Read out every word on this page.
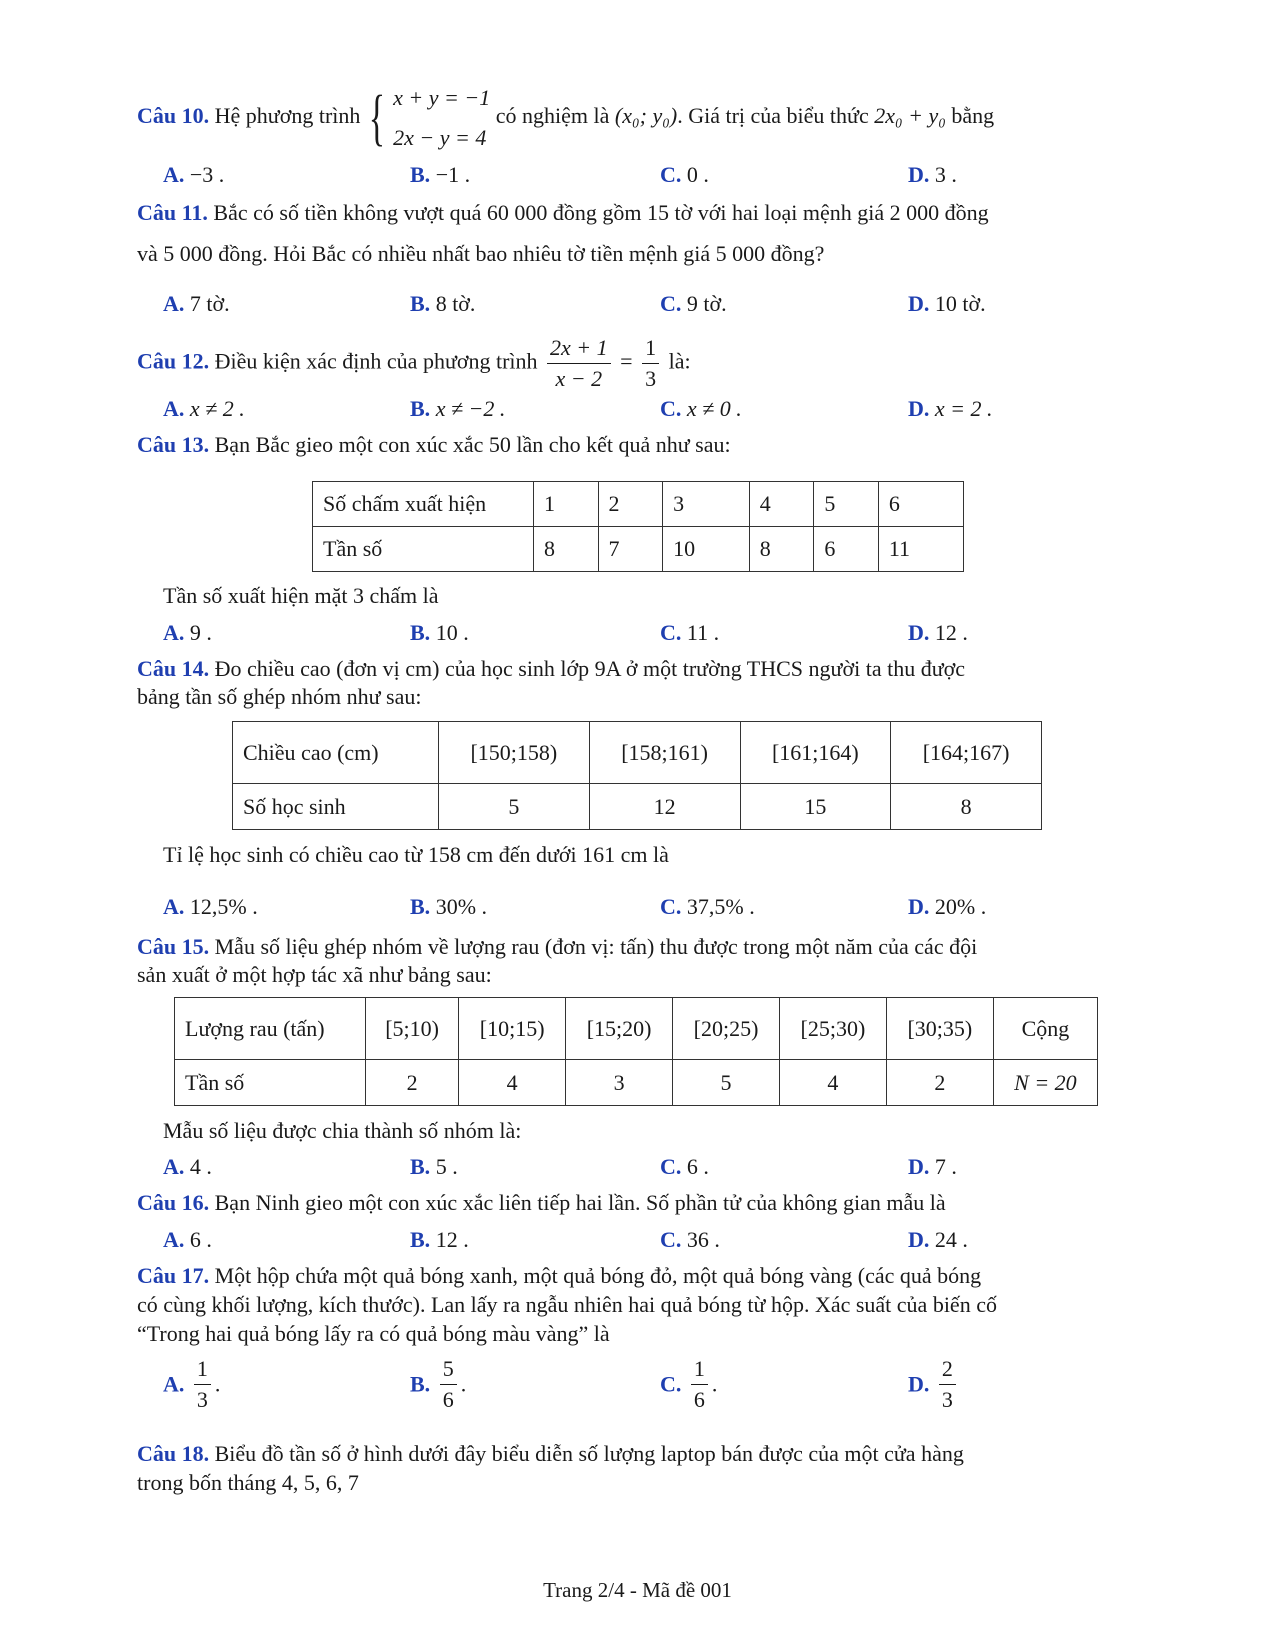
Câu 10. Hệ phương trình { x + y = −1
2x − y = 4
có nghiệm là (x₀; y₀). Giá trị của biểu thức 2x₀ + y₀ bằng
A. −3 .	B. −1 .	C. 0 .	D. 3 .
Câu 11. Bắc có số tiền không vượt quá 60 000 đồng gồm 15 tờ với hai loại mệnh giá 2 000 đồng
và 5 000 đồng. Hỏi Bắc có nhiều nhất bao nhiêu tờ tiền mệnh giá 5 000 đồng?
A. 7 tờ.	B. 8 tờ.	C. 9 tờ.	D. 10 tờ.
Câu 12. Điều kiện xác định của phương trình $\frac{2x + 1}{x - 2} = \frac{1}{3}$ là:
A. x ≠ 2 .	B. x ≠ −2 .	C. x ≠ 0 .	D. x = 2 .
Câu 13. Bạn Bắc gieo một con xúc xắc 50 lần cho kết quả như sau:
Số chấm xuất hiện	1	2	3	4	5	6
Tần số	8	7	10	8	6	11
Tần số xuất hiện mặt 3 chấm là
A. 9 .	B. 10 .	C. 11 .	D. 12 .
Câu 14. Đo chiều cao (đơn vị cm) của học sinh lớp 9A ở một trường THCS người ta thu được
bảng tần số ghép nhóm như sau:
Chiều cao (cm)	[150;158)	[158;161)	[161;164)	[164;167)
Số học sinh	5	12	15	8
Tỉ lệ học sinh có chiều cao từ 158 cm đến dưới 161 cm là
A. 12,5% .	B. 30% .	C. 37,5% .	D. 20% .
Câu 15. Mẫu số liệu ghép nhóm về lượng rau (đơn vị: tấn) thu được trong một năm của các đội
sản xuất ở một hợp tác xã như bảng sau:
Lượng rau (tấn)	[5;10)	[10;15)	[15;20)	[20;25)	[25;30)	[30;35)	Cộng
Tần số	2	4	3	5	4	2	N = 20
Mẫu số liệu được chia thành số nhóm là:
A. 4 .	B. 5 .	C. 6 .	D. 7 .
Câu 16. Bạn Ninh gieo một con xúc xắc liên tiếp hai lần. Số phần tử của không gian mẫu là
A. 6 .	B. 12 .	C. 36 .	D. 24 .
Câu 17. Một hộp chứa một quả bóng xanh, một quả bóng đỏ, một quả bóng vàng (các quả bóng
có cùng khối lượng, kích thước). Lan lấy ra ngẫu nhiên hai quả bóng từ hộp. Xác suất của biến cố
“Trong hai quả bóng lấy ra có quả bóng màu vàng” là
A. $\frac{1}{3}$ .	B. $\frac{5}{6}$ .	C. $\frac{1}{6}$ .	D. $\frac{2}{3}$
Câu 18. Biểu đồ tần số ở hình dưới đây biểu diễn số lượng laptop bán được của một cửa hàng
trong bốn tháng 4, 5, 6, 7
Trang 2/4 - Mã đề 001
